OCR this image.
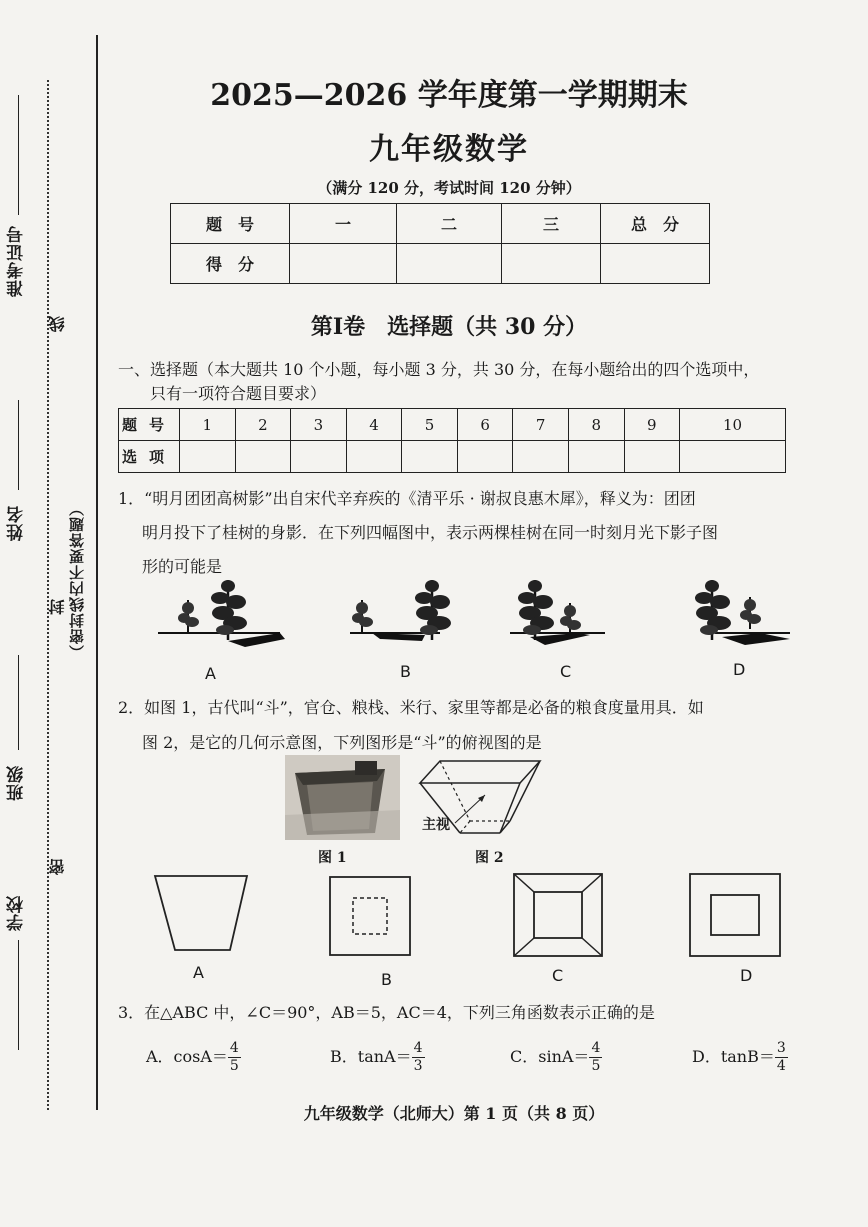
准考证号
姓名
班级
学校
线
封
密
（密封线内不要答题）
2025—2026 学年度第一学期期末
九年级数学
（满分 120 分，考试时间 120 分钟）
题　号	一	二	三	总　分
得　分				
第Ⅰ卷　选择题（共 30 分）
一、选择题（本大题共 10 个小题，每小题 3 分，共 30 分，在每小题给出的四个选项中，
只有一项符合题目要求）
题号	1	2	3	4	5	6	7	8	9	10
选项										
1．“明月团团高树影”出自宋代辛弃疾的《清平乐 · 谢叔良惠木犀》，释义为：团团
明月投下了桂树的身影．在下列四幅图中，表示两棵桂树在同一时刻月光下影子图
形的可能是
A	B	C	D
2．如图 1，古代叫“斗”，官仓、粮栈、米行、家里等都是必备的粮食度量用具．如
图 2，是它的几何示意图，下列图形是“斗”的俯视图的是
图 1
主视
图 2
A	B	C	D
3．在△ABC 中，∠C＝90°，AB＝5，AC＝4，下列三角函数表示正确的是
A．$\cos A= \frac{4}{5}$	B．$\tan A= \frac{4}{3}$	C．$\sin A= \frac{4}{5}$	D．$\tan B= \frac{3}{4}$
九年级数学（北师大）第 1 页（共 8 页）
